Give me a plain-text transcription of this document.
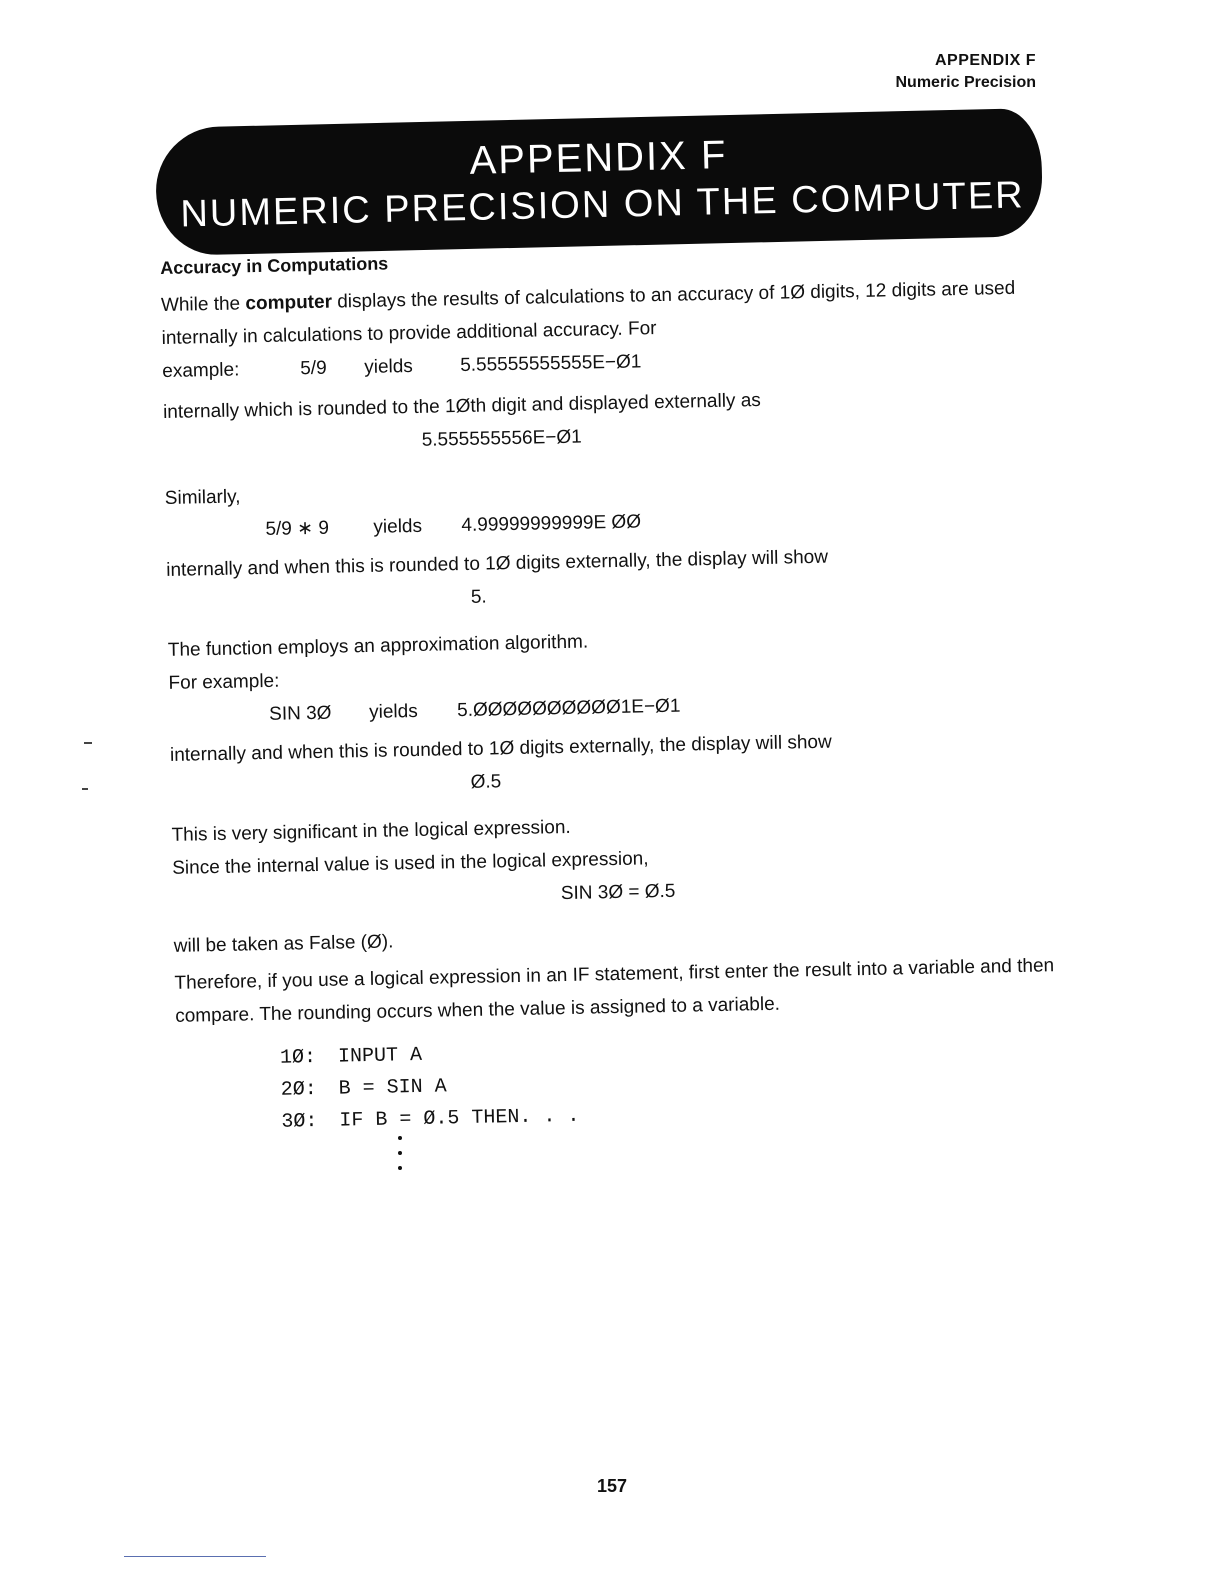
APPENDIX F
Numeric Precision
APPENDIX F
NUMERIC PRECISION ON THE COMPUTER
Accuracy in Computations

While the computer displays the results of calculations to an accuracy of 1Ø digits, 12 digits are used internally in calculations to provide additional accuracy. For

example:	5/9 yields 5.55555555555E−Ø1

internally which is rounded to the 1Øth digit and displayed externally as

5.555555556E−Ø1

Similarly,

5/9 ∗ 9 yields 4.99999999999E ØØ

internally and when this is rounded to 1Ø digits externally, the display will show

5.

The function employs an approximation algorithm.

For example:

SIN 3Ø yields 5.ØØØØØØØØØØ1E−Ø1

internally and when this is rounded to 1Ø digits externally, the display will show

Ø.5

This is very significant in the logical expression.

Since the internal value is used in the logical expression,

SIN 3Ø = Ø.5

will be taken as False (Ø).

Therefore, if you use a logical expression in an IF statement, first enter the result into a variable and then compare. The rounding occurs when the value is assigned to a variable.

1Ø: INPUT A
2Ø: B = SIN A
3Ø: IF B = Ø.5 THEN. . .
157
